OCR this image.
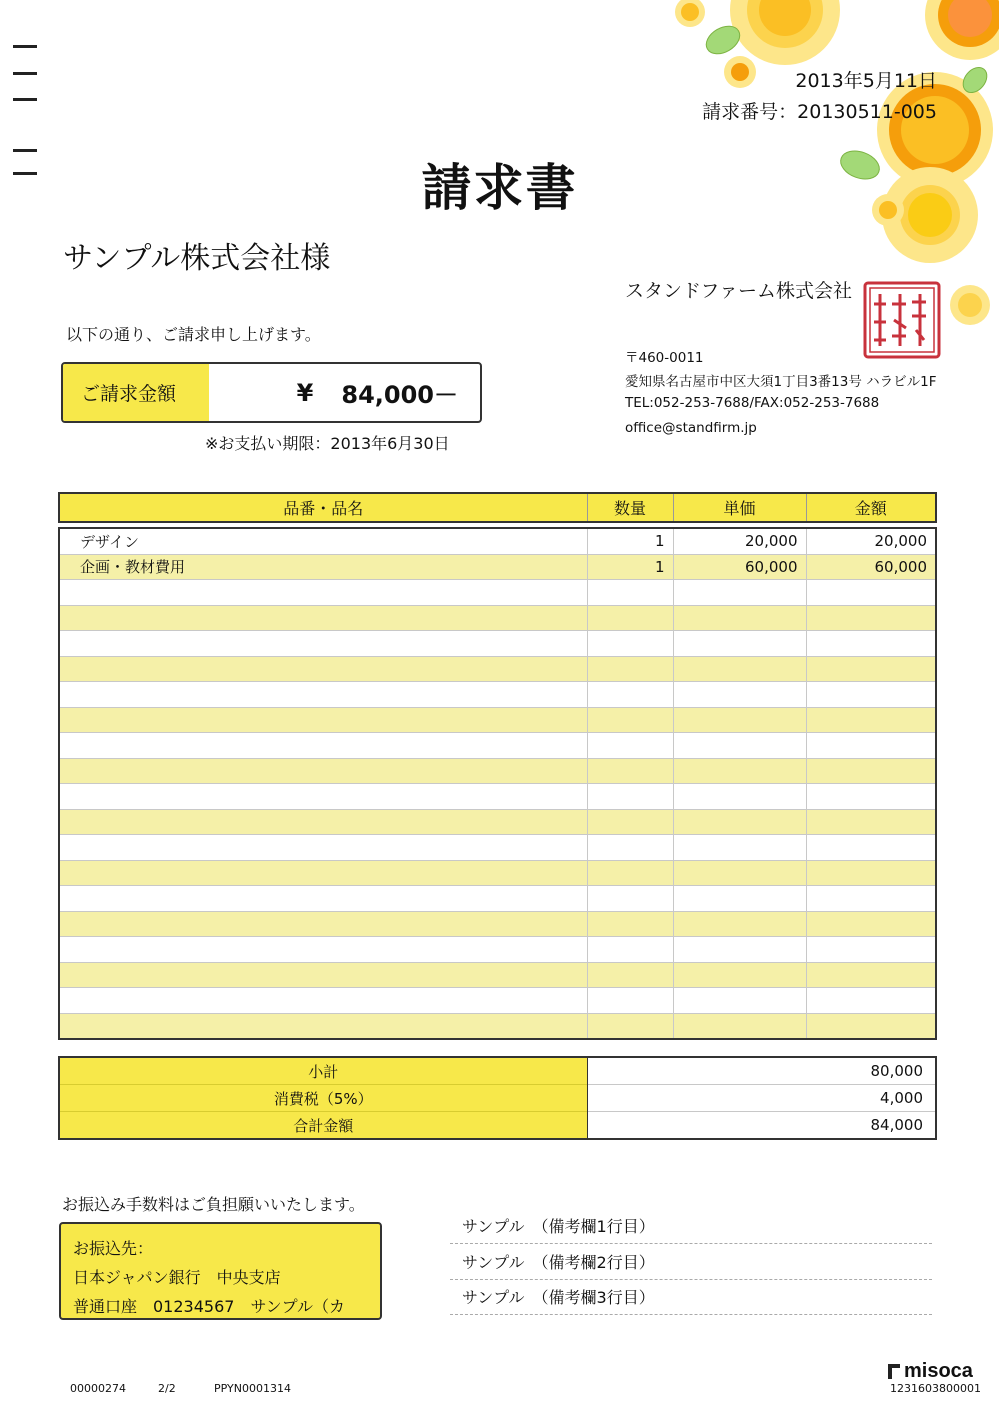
2013年5月11日
請求番号：20130511-005
請求書
サンプル株式会社様
以下の通り、ご請求申し上げます。
ご請求金額	¥ 84,000－
※お支払い期限：2013年6月30日
スタンドファーム株式会社
〒460-0011
愛知県名古屋市中区大須1丁目3番13号 ハラビル1F
TEL:052-253-7688/FAX:052-253-7688
office@standfirm.jp
品番・品名	数量	単価	金額
デザイン	1	20,000	20,000
企画・教材費用	1	60,000	60,000

小計	80,000
消費税（5%）	4,000
合計金額	84,000
お振込み手数料はご負担願いいたします。
お振込先：
日本ジャパン銀行　中央支店
普通口座　01234567　サンプル（カ
サンプル　（備考欄1行目）
サンプル　（備考欄2行目）
サンプル　（備考欄3行目）
00000274	2/2	PPYN0001314
misoca
1231603800001
